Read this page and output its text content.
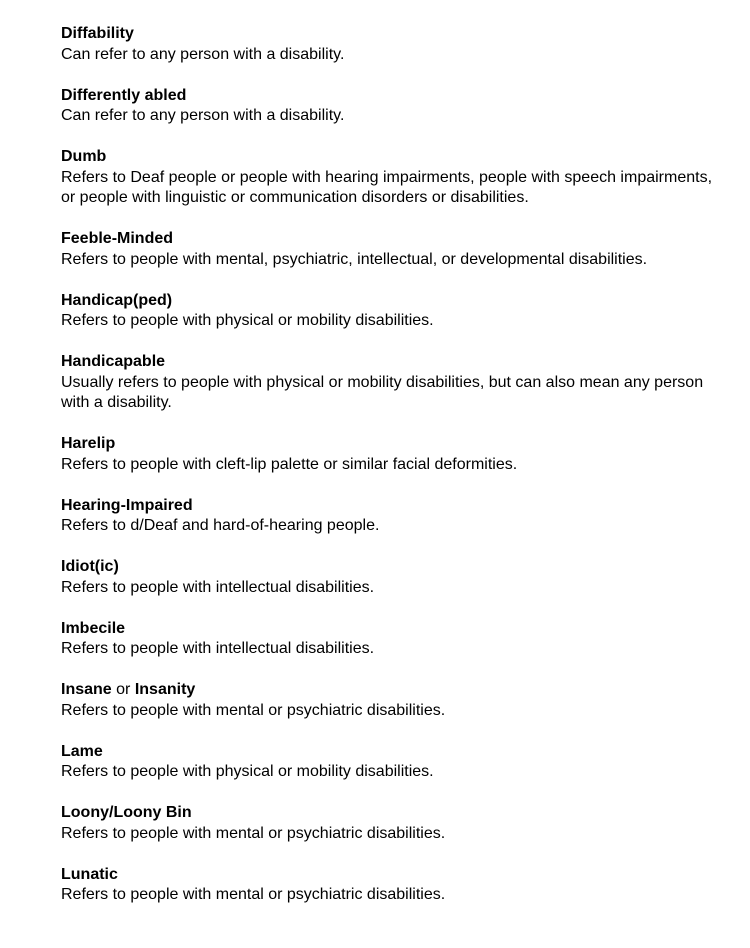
Diffability
Can refer to any person with a disability.
Differently abled
Can refer to any person with a disability.
Dumb
Refers to Deaf people or people with hearing impairments, people with speech impairments, or people with linguistic or communication disorders or disabilities.
Feeble-Minded
Refers to people with mental, psychiatric, intellectual, or developmental disabilities.
Handicap(ped)
Refers to people with physical or mobility disabilities.
Handicapable
Usually refers to people with physical or mobility disabilities, but can also mean any person with a disability.
Harelip
Refers to people with cleft-lip palette or similar facial deformities.
Hearing-Impaired
Refers to d/Deaf and hard-of-hearing people.
Idiot(ic)
Refers to people with intellectual disabilities.
Imbecile
Refers to people with intellectual disabilities.
Insane or Insanity
Refers to people with mental or psychiatric disabilities.
Lame
Refers to people with physical or mobility disabilities.
Loony/Loony Bin
Refers to people with mental or psychiatric disabilities.
Lunatic
Refers to people with mental or psychiatric disabilities.
